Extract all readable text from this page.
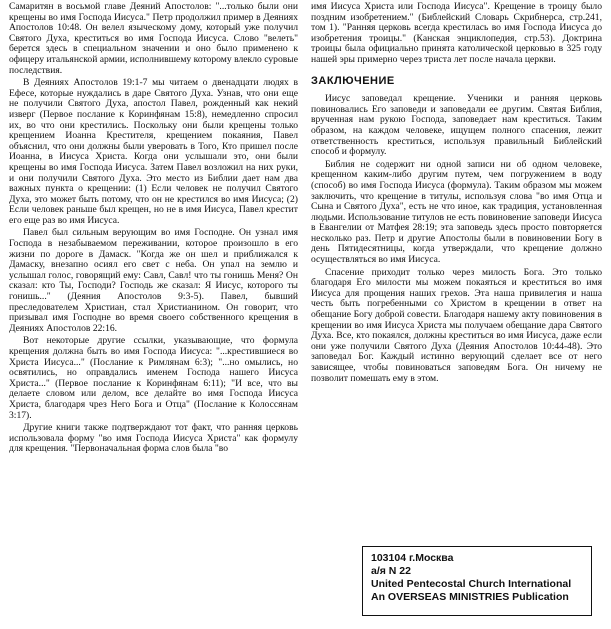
Самаритян в восьмой главе Деяний Апостолов: "...только были они крещены во имя Господа Иисуса." Петр продолжил пример в Деяниях Апостолов 10:48. Он велел языческому дому, который уже получил Святого Духа, креститься во имя Господа Иисуса. Слово "велеть" берется здесь в специальном значении и оно было применено к офицеру итальянской армии, исполнившему которому влекло суровые последствия.

В Деяниях Апостолов 19:1-7 мы читаем о двенадцати людях в Ефесе, которые нуждались в даре Святого Духа. Узнав, что они еще не получили Святого Духа, апостол Павел, рожденный как некий изверг (Первое послание к Коринфянам 15:8), немедленно спросил их, во что они крестились. Поскольку они были крещены только крещением Иоанна Крестителя, крещением покаяния, Павел объяснил, что они должны были уверовать в Того, Кто пришел после Иоанна, в Иисуса Христа. Когда они услышали это, они были крещены во имя Господа Иисуса. Затем Павел возложил на них руки, и они получили Святого Духа. Это место из Библии дает нам два важных пункта о крещении: (1) Если человек не получил Святого Духа, это может быть потому, что он не крестился во имя Иисуса; (2) Если человек раньше был крещен, но не в имя Иисуса, Павел крестит его еще раз во имя Иисуса.

Павел был сильным верующим во имя Господне. Он узнал имя Господа в незабываемом переживании, которое произошло в его жизни по дороге в Дамаск. "Когда же он шел и приближался к Дамаску, внезапно осиял его свет с неба. Он упал на землю и услышал голос, говорящий ему: Савл, Савл! что ты гонишь Меня? Он сказал: кто Ты, Господи? Господь же сказал: Я Иисус, которого ты гонишь..." (Деяния Апостолов 9:3-5). Павел, бывший преследователем Христиан, стал Христианином. Он говорит, что призывал имя Господне во время своего собственного крещения в Деяниях Апостолов 22:16.

Вот некоторые другие ссылки, указывающие, что формула крещения должна быть во имя Господа Иисуса: "...крестившиеся во Христа Иисуса..." (Послание к Римлянам 6:3); "...но омылись, но освятились, но оправдались именем Господа нашего Иисуса Христа..." (Первое послание к Коринфянам 6:11); "И все, что вы делаете словом или делом, все делайте во имя Господа Иисуса Христа, благодаря чрез Него Бога и Отца" (Послание к Колоссянам 3:17).

Другие книги также подтверждают тот факт, что ранняя церковь использовала форму "во имя Господа Иисуса Христа" как формулу для крещения. "Первоначальная форма слов была "во

имя Иисуса Христа или Господа Иисуса". Крещение в троицу было поздним изобретением." (Библейский Словарь Скрибнерса, стр.241, том 1). "Ранняя церковь всегда крестилась во имя Господа Иисуса до изобретения троицы." (Канская энциклопедия, стр.53). Доктрина троицы была официально принята католической церковью в 325 году нашей эры примерно через триста лет после начала церкви.

ЗАКЛЮЧЕНИЕ

Иисус заповедал крещение. Ученики и ранняя церковь повиновались Его заповеди и заповедали ее другим. Святая Библия, врученная нам рукою Господа, заповедает нам креститься. Таким образом, на каждом человеке, ищущем полного спасения, лежит ответственность креститься, используя правильный Библейский способ и формулу.

Библия не содержит ни одной записи ни об одном человеке, крещенном каким-либо другим путем, чем погружением в воду (способ) во имя Господа Иисуса (формула). Таким образом мы можем заключить, что крещение в титулы, используя слова "во имя Отца и Сына и Святого Духа", есть не что иное, как традиция, установленная людьми. Использование титулов не есть повиновение заповеди Иисуса в Евангелии от Матфея 28:19; эта заповедь здесь просто повторяется несколько раз. Петр и другие Апостолы были в повиновении Богу в день Пятидесятницы, когда утверждали, что крещение должно осуществляться во имя Иисуса.

Спасение приходит только через милость Бога. Это только благодаря Его милости мы можем покаяться и креститься во имя Иисуса для прощения наших грехов. Эта наша привилегия и наша честь быть погребенными со Христом в крещении в ответ на обещание Богу доброй совести. Благодаря нашему акту повиновения в крещении во имя Иисуса Христа мы получаем обещание дара Святого Духа. Все, кто покаялся, должны креститься во имя Иисуса, даже если они уже получили Святого Духа (Деяния Апостолов 10:44-48). Это заповедал Бог. Каждый истинно верующий сделает все от него зависящее, чтобы повиноваться заповедям Бога. Он ничему не позволит помешать ему в этом.

103104 г.Москва
а/я N 22
United Pentecostal Church International
An OVERSEAS MINISTRIES Publication
